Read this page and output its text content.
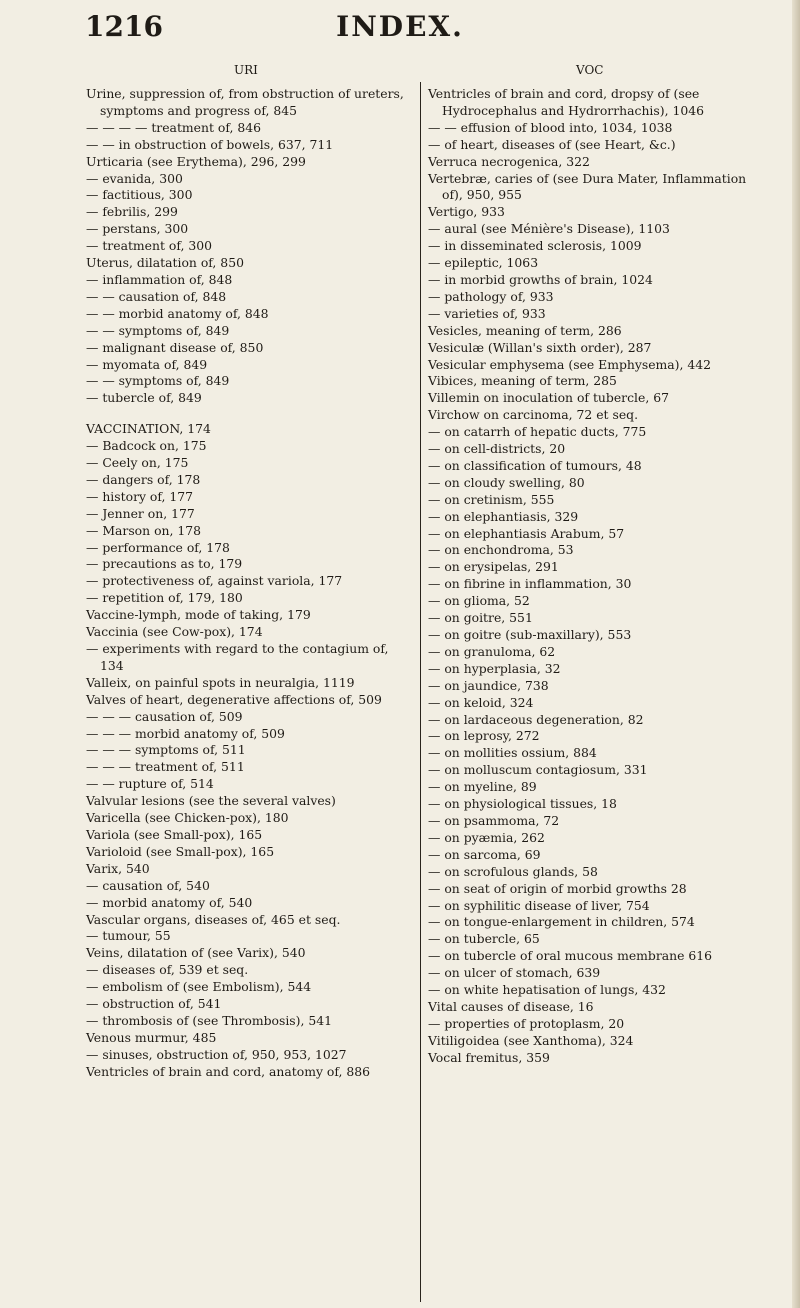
1216	INDEX.
URI	VOC
Urine, suppression of, from obstruction of ureters, symptoms and progress of, 845
— — — — treatment of, 846
— — in obstruction of bowels, 637, 711
Urticaria (see Erythema), 296, 299
— evanida, 300
— factitious, 300
— febrilis, 299
— perstans, 300
— treatment of, 300
Uterus, dilatation of, 850
— inflammation of, 848
— — causation of, 848
— — morbid anatomy of, 848
— — symptoms of, 849
— malignant disease of, 850
— myomata of, 849
— — symptoms of, 849
— tubercle of, 849
VACCINATION, 174
— Badcock on, 175
— Ceely on, 175
— dangers of, 178
— history of, 177
— Jenner on, 177
— Marson on, 178
— performance of, 178
— precautions as to, 179
— protectiveness of, against variola, 177
— repetition of, 179, 180
Vaccine-lymph, mode of taking, 179
Vaccinia (see Cow-pox), 174
— experiments with regard to the contagium of, 134
Valleix, on painful spots in neuralgia, 1119
Valves of heart, degenerative affections of, 509
— — — causation of, 509
— — — morbid anatomy of, 509
— — — symptoms of, 511
— — — treatment of, 511
— — rupture of, 514
Valvular lesions (see the several valves)
Varicella (see Chicken-pox), 180
Variola (see Small-pox), 165
Varioloid (see Small-pox), 165
Varix, 540
— causation of, 540
— morbid anatomy of, 540
Vascular organs, diseases of, 465 et seq.
— tumour, 55
Veins, dilatation of (see Varix), 540
— diseases of, 539 et seq.
— embolism of (see Embolism), 544
— obstruction of, 541
— thrombosis of (see Thrombosis), 541
Venous murmur, 485
— sinuses, obstruction of, 950, 953, 1027
Ventricles of brain and cord, anatomy of, 886
Ventricles of brain and cord, dropsy of (see Hydrocephalus and Hydrorrhachis), 1046
— — effusion of blood into, 1034, 1038
— of heart, diseases of (see Heart, &c.)
Verruca necrogenica, 322
Vertebræ, caries of (see Dura Mater, Inflammation of), 950, 955
Vertigo, 933
— aural (see Ménière's Disease), 1103
— in disseminated sclerosis, 1009
— epileptic, 1063
— in morbid growths of brain, 1024
— pathology of, 933
— varieties of, 933
Vesicles, meaning of term, 286
Vesiculæ (Willan's sixth order), 287
Vesicular emphysema (see Emphysema), 442
Vibices, meaning of term, 285
Villemin on inoculation of tubercle, 67
Virchow on carcinoma, 72 et seq.
— on catarrh of hepatic ducts, 775
— on cell-districts, 20
— on classification of tumours, 48
— on cloudy swelling, 80
— on cretinism, 555
— on elephantiasis, 329
— on elephantiasis Arabum, 57
— on enchondroma, 53
— on erysipelas, 291
— on fibrine in inflammation, 30
— on glioma, 52
— on goitre, 551
— on goitre (sub-maxillary), 553
— on granuloma, 62
— on hyperplasia, 32
— on jaundice, 738
— on keloid, 324
— on lardaceous degeneration, 82
— on leprosy, 272
— on mollities ossium, 884
— on molluscum contagiosum, 331
— on myeline, 89
— on physiological tissues, 18
— on psammoma, 72
— on pyæmia, 262
— on sarcoma, 69
— on scrofulous glands, 58
— on seat of origin of morbid growths 28
— on syphilitic disease of liver, 754
— on tongue-enlargement in children, 574
— on tubercle, 65
— on tubercle of oral mucous membrane 616
— on ulcer of stomach, 639
— on white hepatisation of lungs, 432
Vital causes of disease, 16
— properties of protoplasm, 20
Vitiligoidea (see Xanthoma), 324
Vocal fremitus, 359
